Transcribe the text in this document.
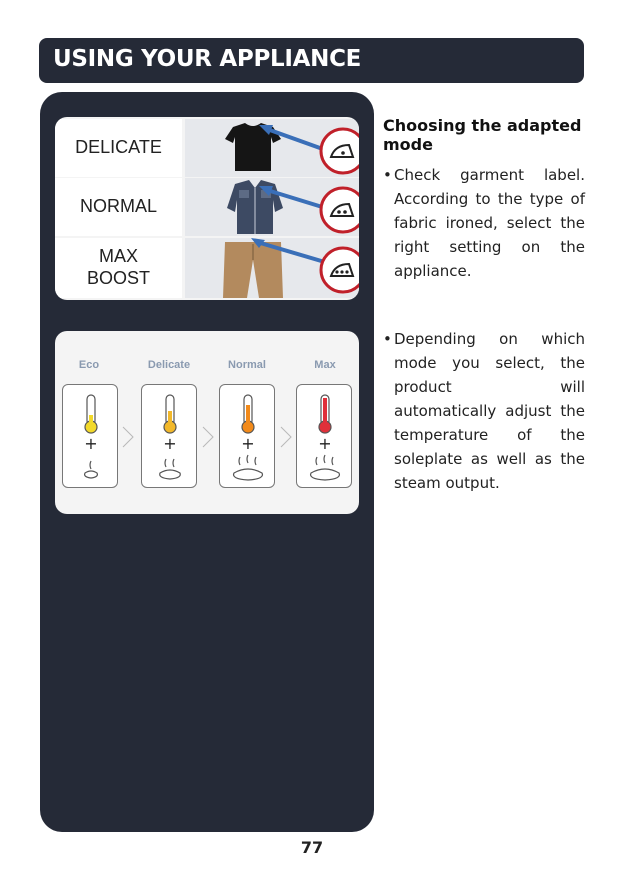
USING YOUR APPLIANCE
DELICATE
NORMAL
MAX
BOOST
Eco	Delicate	Normal	Max
+	+	+	+
Choosing the adapted mode
• Check garment label. According to the type of fabric ironed, select the right setting on the appliance.
• Depending on which mode you select, the product will automatically adjust the temperature of the soleplate as well as the steam output.
77
